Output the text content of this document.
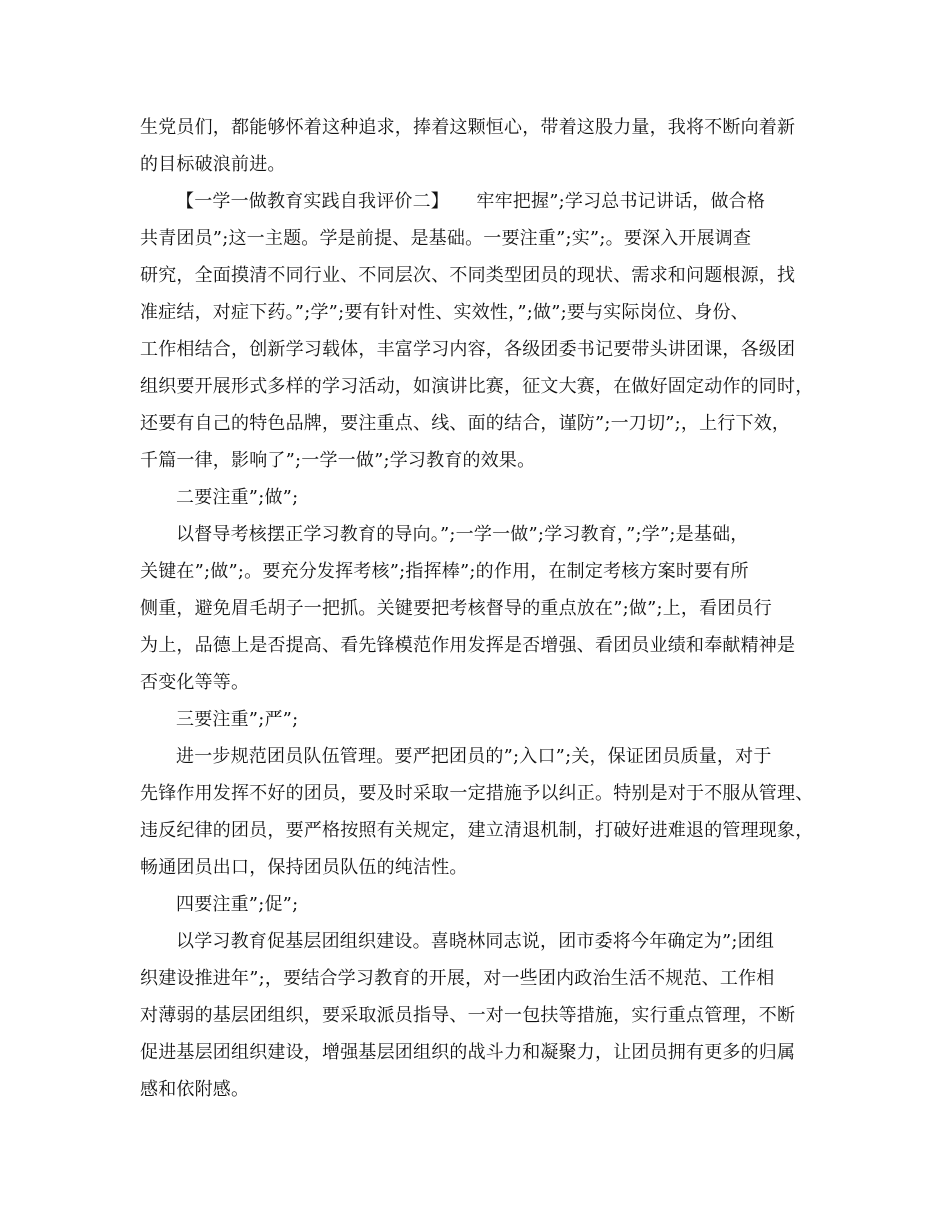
生党员们，都能够怀着这种追求，捧着这颗恒心，带着这股力量，我将不断向着新
的目标破浪前进。
【一学一做教育实践自我评价二】　　牢牢把握”;学习总书记讲话，做合格
共青团员”;这一主题。学是前提、是基础。一要注重”;实”;。要深入开展调查
研究，全面摸清不同行业、不同层次、不同类型团员的现状、需求和问题根源，找
准症结，对症下药。”;学”;要有针对性、实效性，”;做”;要与实际岗位、身份、
工作相结合，创新学习载体，丰富学习内容，各级团委书记要带头讲团课，各级团
组织要开展形式多样的学习活动，如演讲比赛，征文大赛，在做好固定动作的同时，
还要有自己的特色品牌，要注重点、线、面的结合，谨防”;一刀切”;，上行下效，
千篇一律，影响了”;一学一做”;学习教育的效果。
二要注重”;做”;
以督导考核摆正学习教育的导向。”;一学一做”;学习教育，”;学”;是基础，
关键在”;做”;。要充分发挥考核”;指挥棒”;的作用，在制定考核方案时要有所
侧重，避免眉毛胡子一把抓。关键要把考核督导的重点放在”;做”;上，看团员行
为上，品德上是否提高、看先锋模范作用发挥是否增强、看团员业绩和奉献精神是
否变化等等。
三要注重”;严”;
进一步规范团员队伍管理。要严把团员的”;入口”;关，保证团员质量，对于
先锋作用发挥不好的团员，要及时采取一定措施予以纠正。特别是对于不服从管理、
违反纪律的团员，要严格按照有关规定，建立清退机制，打破好进难退的管理现象，
畅通团员出口，保持团员队伍的纯洁性。
四要注重”;促”;
以学习教育促基层团组织建设。喜晓林同志说，团市委将今年确定为”;团组
织建设推进年”;，要结合学习教育的开展，对一些团内政治生活不规范、工作相
对薄弱的基层团组织，要采取派员指导、一对一包扶等措施，实行重点管理，不断
促进基层团组织建设，增强基层团组织的战斗力和凝聚力，让团员拥有更多的归属
感和依附感。
